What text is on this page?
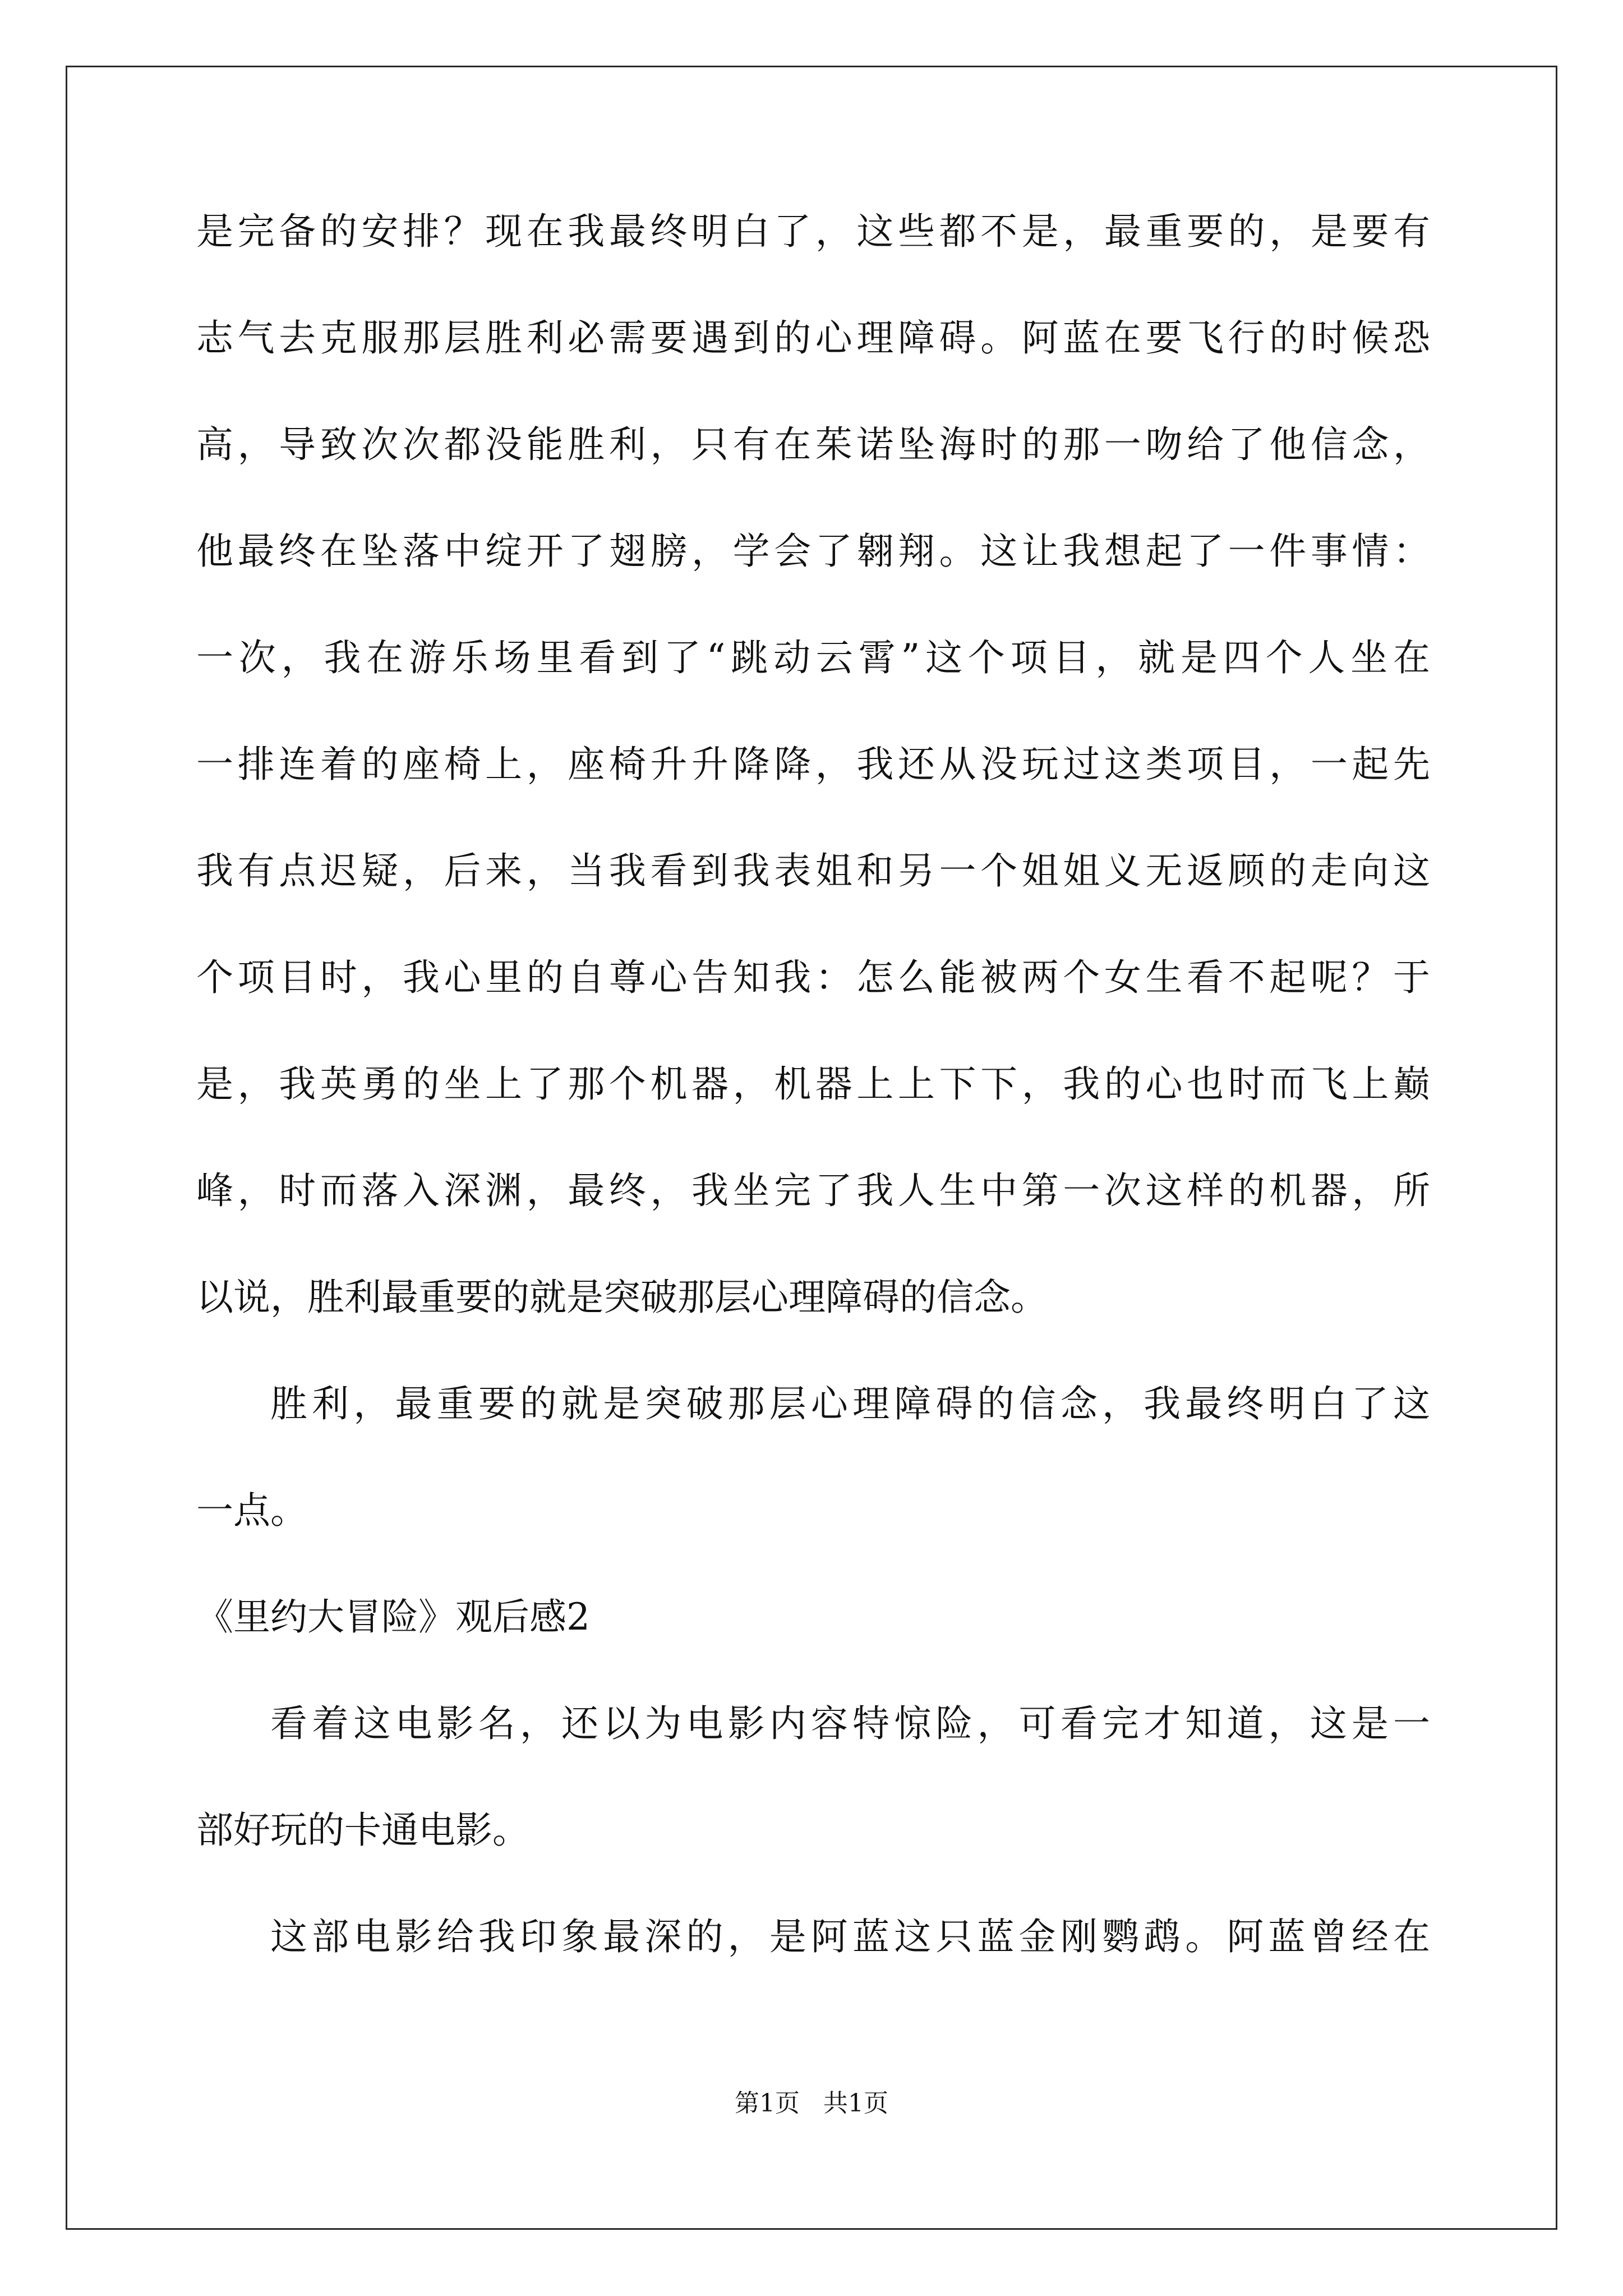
是完备的安排？现在我最终明白了，这些都不是，最重要的，是要有
志气去克服那层胜利必需要遇到的心理障碍。阿蓝在要飞行的时候恐
高，导致次次都没能胜利，只有在茱诺坠海时的那一吻给了他信念，
他最终在坠落中绽开了翅膀，学会了翱翔。这让我想起了一件事情：
一次，我在游乐场里看到了“跳动云霄”这个项目，就是四个人坐在
一排连着的座椅上，座椅升升降降，我还从没玩过这类项目，一起先
我有点迟疑，后来，当我看到我表姐和另一个姐姐义无返顾的走向这
个项目时，我心里的自尊心告知我：怎么能被两个女生看不起呢？于
是，我英勇的坐上了那个机器，机器上上下下，我的心也时而飞上巅
峰，时而落入深渊，最终，我坐完了我人生中第一次这样的机器，所
以说，胜利最重要的就是突破那层心理障碍的信念。
胜利，最重要的就是突破那层心理障碍的信念，我最终明白了这
一点。
《里约大冒险》观后感2
看着这电影名，还以为电影内容特惊险，可看完才知道，这是一
部好玩的卡通电影。
这部电影给我印象最深的，是阿蓝这只蓝金刚鹦鹉。阿蓝曾经在
第1页   共1页
